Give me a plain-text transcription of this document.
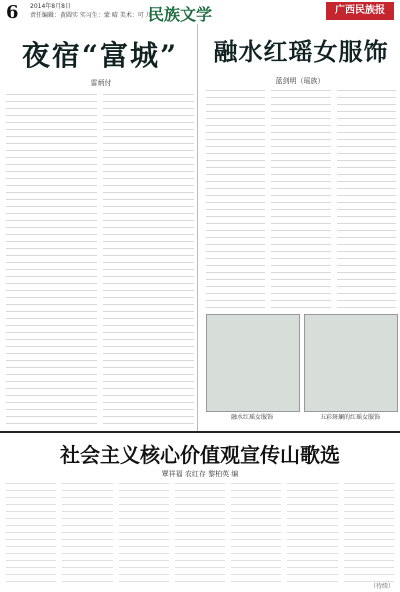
6 2014年8月8日
责任编辑：黄圆实 实习生：蒙 晴 美术：可 儿
民族文学	广西民族报
夜宿“富城”
雷炳付
融水红瑶女服饰
蓝剑明（瑶族）
融水红瑶女服饰	五彩斑斓的红瑶女服饰
社会主义核心价值观宣传山歌选
覃祥福 农红存 黎柏英 编
（待续）
